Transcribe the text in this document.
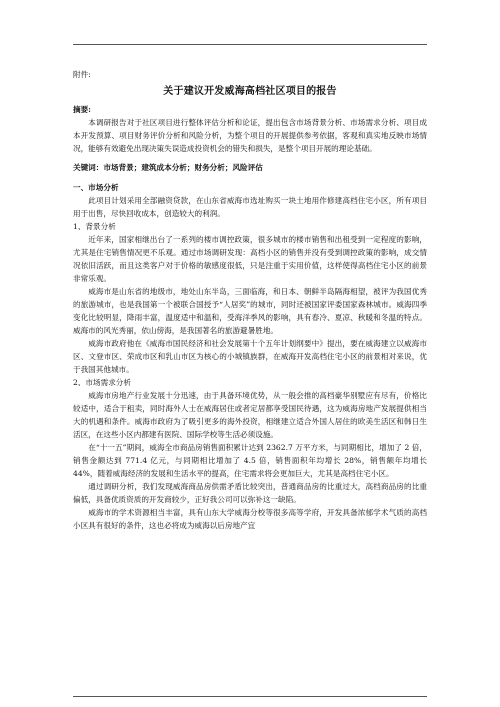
附件:

关于建议开发威海高档社区项目的报告

摘要:

本调研报告对于社区项目进行整体评估分析和论证，提出包含市场背景分析、市场需求分析、项目成本开发预算、项目财务评价分析和风险分析，为整个项目的开展提供参考依据，客观和真实地反映市场情况，能够有效避免出现决策失误造成投资机会的错失和损失，是整个项目开展的理论基础。

关键词：市场背景；建筑成本分析；财务分析；风险评估

一、市场分析

此项目计划采用全部融资贷款，在山东省威海市选址购买一块土地用作修建高档住宅小区，所有项目用于出售，尽快回收成本，创造较大的利润。

1、背景分析

近年来，国家相继出台了一系列的楼市调控政策，很多城市的楼市销售和出租受到一定程度的影响，尤其是住宅销售情况更不乐观。通过市场调研发现：高档小区的销售并没有受到调控政策的影响，成交情况依旧活跃，而且这类客户对于价格的敏感度很低，只是注重于实用价值，这样使得高档住宅小区的前景非常乐观。

威海市是山东省的地级市，地处山东半岛，三面临海，和日本、朝鲜半岛隔海相望，被评为我国优秀的旅游城市，也是我国第一个被联合国授予“人居奖”的城市，同时还被国家评委国家森林城市。威海四季变化比较明显，降雨丰富，温度适中和温和，受海洋季风的影响，具有春冷、夏凉、秋暖和冬温的特点。威海市的风光秀丽，依山傍海，是我国著名的旅游避暑胜地。

威海市政府他在《威海市国民经济和社会发展第十个五年计划纲要中》提出，要在威海建立以威海市区、文登市区、荣成市区和乳山市区为核心的小城镇族群，在威海开发高档住宅小区的前景相对来说，优于我国其他城市。

2、市场需求分析

威海市房地产行业发展十分迅速，由于具备环境优势，从一般会推的高档豪华别墅应有尽有，价格比较适中，适合于租卖，同时海外人士在威海居住或者定居都享受国民待遇，这为威海房地产发展提供相当大的机遇和条件。威海市政府为了吸引更多的海外投资，相继建立适合外国人居住的欧美生活区和韩日生活区，在这些小区内都建有医院、国际学校等生活必须设施。

在“十一五”期间，威海全市商品房销售面积累计达到 2362.7 万平方米，与同期相比，增加了 2 倍，销售金额达到 771.4 亿元，与同期相比增加了 4.5 倍，销售面积年均增长 28%，销售额年均增长 44%，随着威海经济的发展和生活水平的提高，住宅需求将会更加巨大，尤其是高档住宅小区。

通过调研分析，我们发现威海商品房供需矛盾比较突出，普通商品房的比重过大，高档商品房的比重偏低，具备优质资质的开发商较少，正好我公司可以弥补这一缺陷。

威海市的学术资源相当丰富，具有山东大学威海分校等很多高等学府，开发具备浓郁学术气质的高档小区具有很好的条件，这也必将成为威海以后房地产宜
